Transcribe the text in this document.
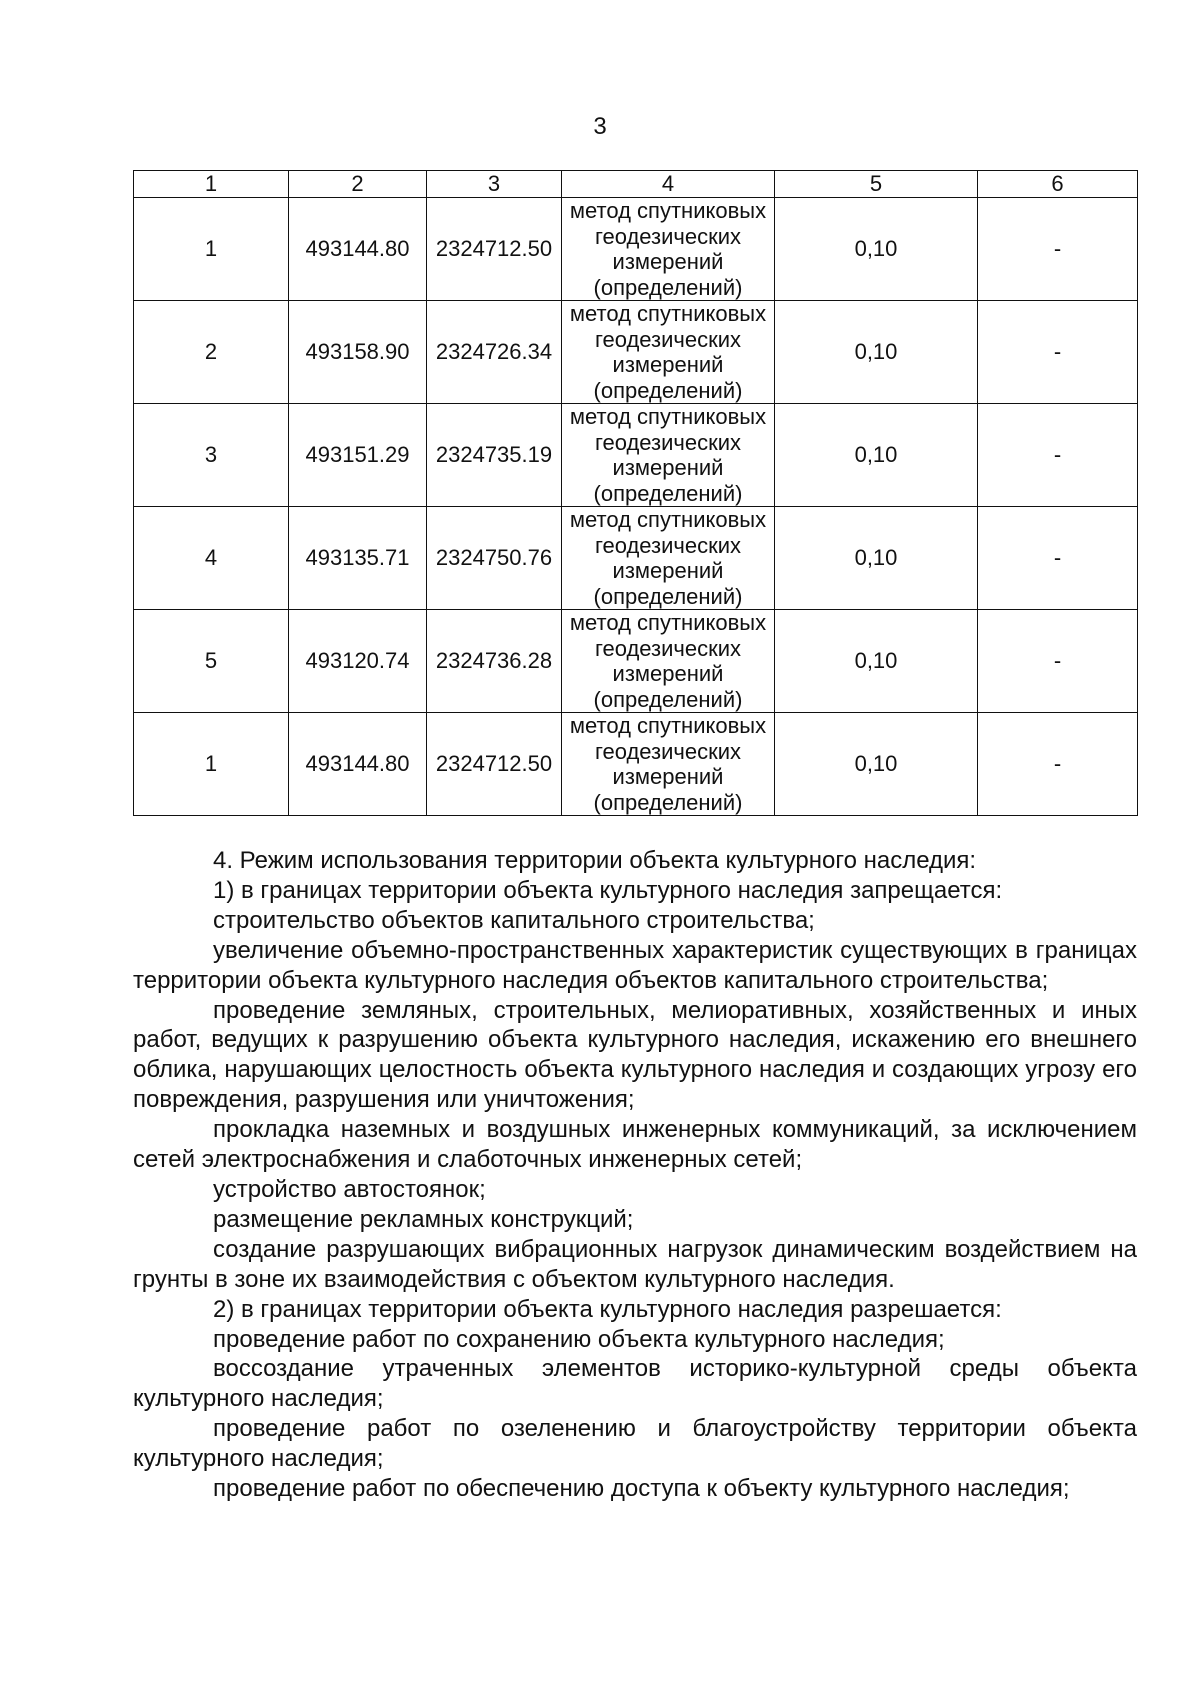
3
1	2	3	4	5	6
1	493144.80	2324712.50	метод спутниковых
геодезических
измерений
(определений)	0,10	-
2	493158.90	2324726.34	метод спутниковых
геодезических
измерений
(определений)	0,10	-
3	493151.29	2324735.19	метод спутниковых
геодезических
измерений
(определений)	0,10	-
4	493135.71	2324750.76	метод спутниковых
геодезических
измерений
(определений)	0,10	-
5	493120.74	2324736.28	метод спутниковых
геодезических
измерений
(определений)	0,10	-
1	493144.80	2324712.50	метод спутниковых
геодезических
измерений
(определений)	0,10	-

4. Режим использования территории объекта культурного наследия:

1) в границах территории объекта культурного наследия запрещается:

строительство объектов капитального строительства;

увеличение объемно-пространственных характеристик существующих в границах территории объекта культурного наследия объектов капитального строительства;

проведение земляных, строительных, мелиоративных, хозяйственных и иных работ, ведущих к разрушению объекта культурного наследия, искажению его внешнего облика, нарушающих целостность объекта культурного наследия и создающих угрозу его повреждения, разрушения или уничтожения;

прокладка наземных и воздушных инженерных коммуникаций, за исключением сетей электроснабжения и слаботочных инженерных сетей;

устройство автостоянок;

размещение рекламных конструкций;

создание разрушающих вибрационных нагрузок динамическим воздействием на грунты в зоне их взаимодействия с объектом культурного наследия.

2) в границах территории объекта культурного наследия разрешается:

проведение работ по сохранению объекта культурного наследия;

воссоздание утраченных элементов историко-культурной среды объекта культурного наследия;

проведение работ по озеленению и благоустройству территории объекта культурного наследия;

проведение работ по обеспечению доступа к объекту культурного наследия;
